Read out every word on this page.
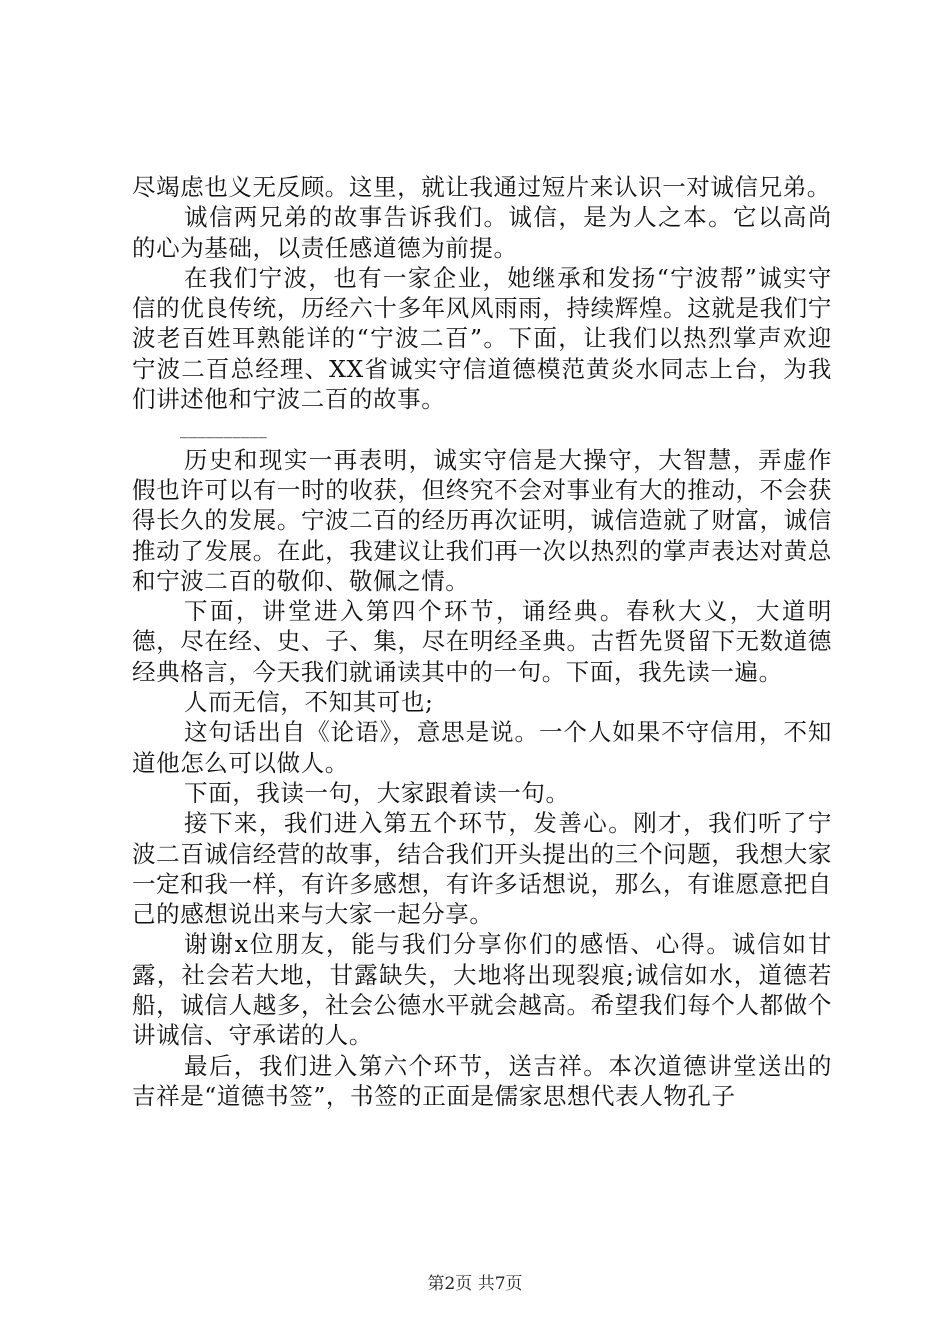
尽竭虑也义无反顾。这里，就让我通过短片来认识一对诚信兄弟。

诚信两兄弟的故事告诉我们。诚信，是为人之本。它以高尚的心为基础，以责任感道德为前提。

在我们宁波，也有一家企业，她继承和发扬“宁波帮”诚实守信的优良传统，历经六十多年风风雨雨，持续辉煌。这就是我们宁波老百姓耳熟能详的“宁波二百”。下面，让我们以热烈掌声欢迎宁波二百总经理、XX省诚实守信道德模范黄炎水同志上台，为我们讲述他和宁波二百的故事。

__________

历史和现实一再表明，诚实守信是大操守，大智慧，弄虚作假也许可以有一时的收获，但终究不会对事业有大的推动，不会获得长久的发展。宁波二百的经历再次证明，诚信造就了财富，诚信推动了发展。在此，我建议让我们再一次以热烈的掌声表达对黄总和宁波二百的敬仰、敬佩之情。

下面，讲堂进入第四个环节，诵经典。春秋大义，大道明德，尽在经、史、子、集，尽在明经圣典。古哲先贤留下无数道德经典格言，今天我们就诵读其中的一句。下面，我先读一遍。

人而无信，不知其可也;

这句话出自《论语》，意思是说。一个人如果不守信用，不知道他怎么可以做人。

下面，我读一句，大家跟着读一句。

接下来，我们进入第五个环节，发善心。刚才，我们听了宁波二百诚信经营的故事，结合我们开头提出的三个问题，我想大家一定和我一样，有许多感想，有许多话想说，那么，有谁愿意把自己的感想说出来与大家一起分享。

谢谢x位朋友，能与我们分享你们的感悟、心得。诚信如甘露，社会若大地，甘露缺失，大地将出现裂痕;诚信如水，道德若船，诚信人越多，社会公德水平就会越高。希望我们每个人都做个讲诚信、守承诺的人。

最后，我们进入第六个环节，送吉祥。本次道德讲堂送出的吉祥是“道德书签”，书签的正面是儒家思想代表人物孔子

第2页 共7页
